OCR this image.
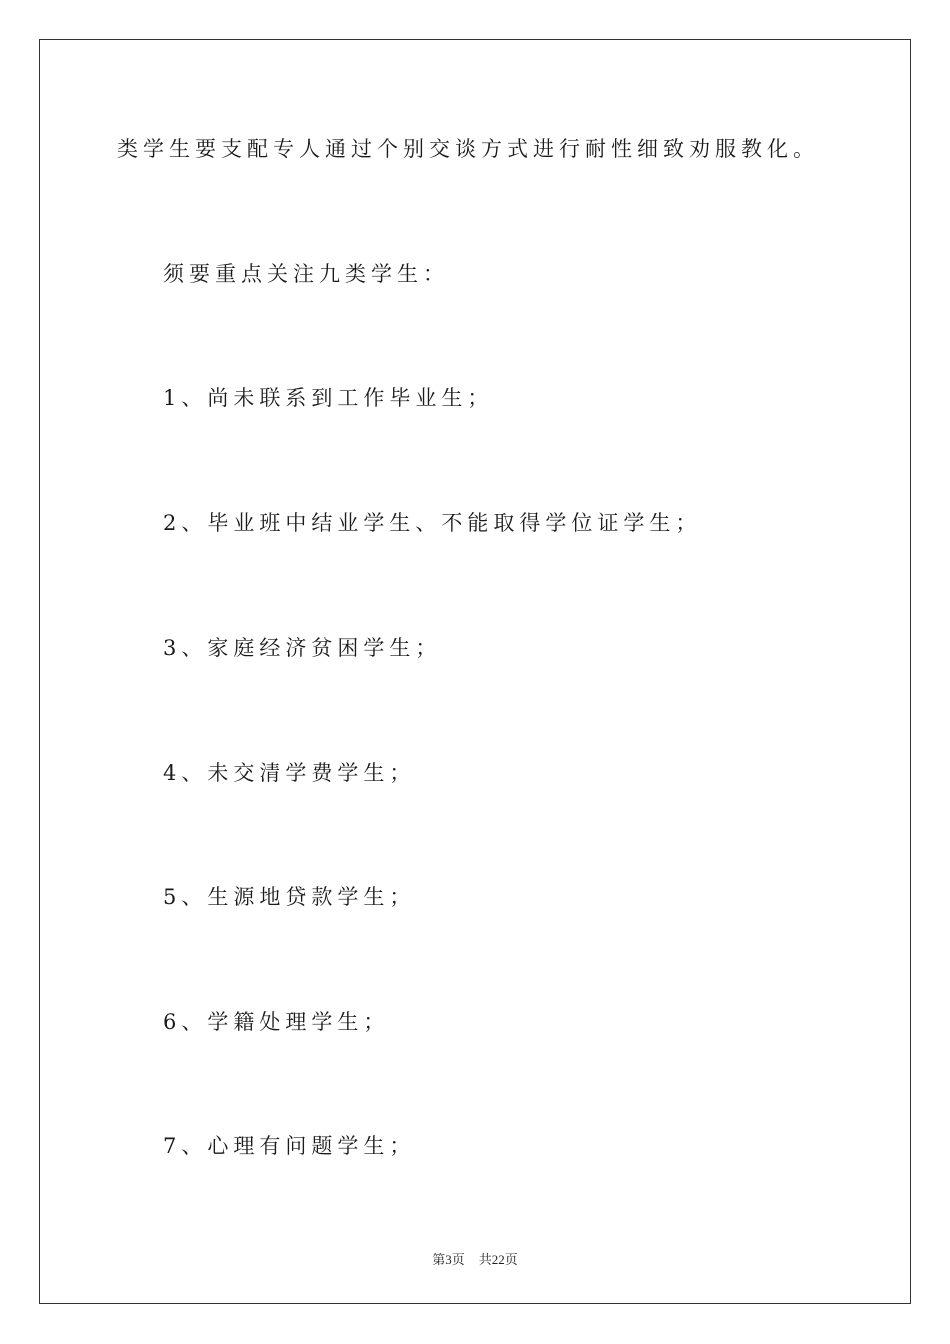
类学生要支配专人通过个别交谈方式进行耐性细致劝服教化。
须要重点关注九类学生：
1、尚未联系到工作毕业生；
2、毕业班中结业学生、不能取得学位证学生；
3、家庭经济贫困学生；
4、未交清学费学生；
5、生源地贷款学生；
6、学籍处理学生；
7、心理有问题学生；
第3页 共22页
